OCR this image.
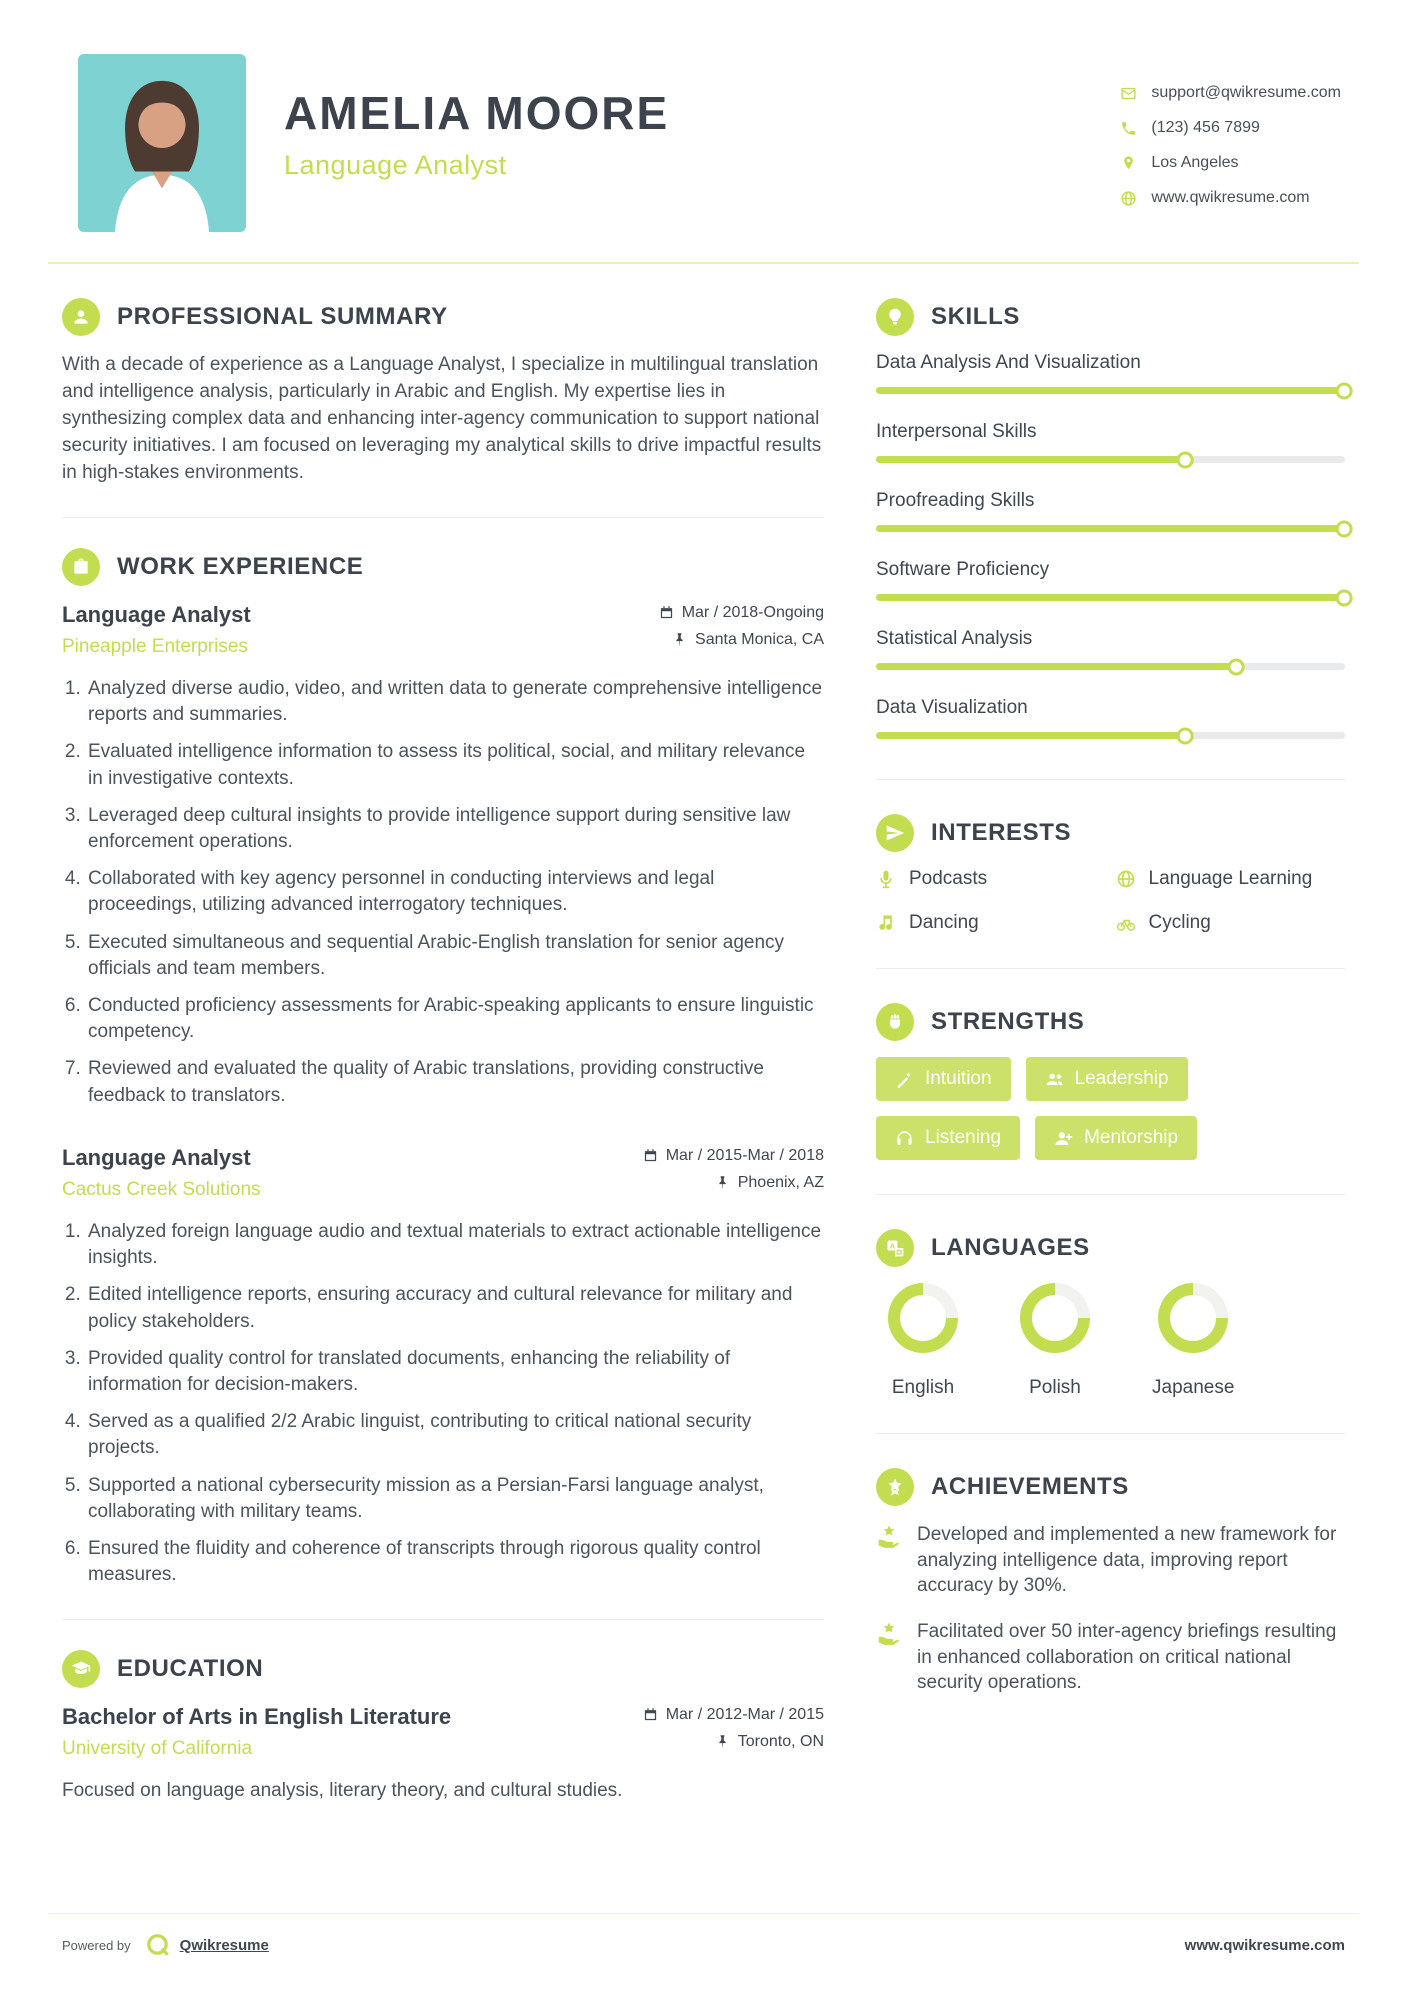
AMELIA MOORE
Language Analyst
support@qwikresume.com
(123) 456 7899
Los Angeles
www.qwikresume.com
PROFESSIONAL SUMMARY

With a decade of experience as a Language Analyst, I specialize in multilingual translation and intelligence analysis, particularly in Arabic and English. My expertise lies in synthesizing complex data and enhancing inter-agency communication to support national security initiatives. I am focused on leveraging my analytical skills to drive impactful results in high-stakes environments.

WORK EXPERIENCE
Language Analyst
Pineapple Enterprises
Mar / 2018-Ongoing
Santa Monica, CA
1. Analyzed diverse audio, video, and written data to generate comprehensive intelligence reports and summaries.
2. Evaluated intelligence information to assess its political, social, and military relevance in investigative contexts.
3. Leveraged deep cultural insights to provide intelligence support during sensitive law enforcement operations.
4. Collaborated with key agency personnel in conducting interviews and legal proceedings, utilizing advanced interrogatory techniques.
5. Executed simultaneous and sequential Arabic-English translation for senior agency officials and team members.
6. Conducted proficiency assessments for Arabic-speaking applicants to ensure linguistic competency.
7. Reviewed and evaluated the quality of Arabic translations, providing constructive feedback to translators.
Language Analyst
Cactus Creek Solutions
Mar / 2015-Mar / 2018
Phoenix, AZ
1. Analyzed foreign language audio and textual materials to extract actionable intelligence insights.
2. Edited intelligence reports, ensuring accuracy and cultural relevance for military and policy stakeholders.
3. Provided quality control for translated documents, enhancing the reliability of information for decision-makers.
4. Served as a qualified 2/2 Arabic linguist, contributing to critical national security projects.
5. Supported a national cybersecurity mission as a Persian-Farsi language analyst, collaborating with military teams.
6. Ensured the fluidity and coherence of transcripts through rigorous quality control measures.
EDUCATION
Bachelor of Arts in English Literature
University of California
Mar / 2012-Mar / 2015
Toronto, ON

Focused on language analysis, literary theory, and cultural studies.

SKILLS
Data Analysis And Visualization
Interpersonal Skills
Proofreading Skills
Software Proficiency
Statistical Analysis
Data Visualization
INTERESTS
Podcasts	Language Learning
Dancing	Cycling
STRENGTHS
Intuition	Leadership
Listening	Mentorship
A LANGUAGES
English	Polish	Japanese
ACHIEVEMENTS
Developed and implemented a new framework for analyzing intelligence data, improving report accuracy by 30%.
Facilitated over 50 inter-agency briefings resulting in enhanced collaboration on critical national security operations.
Powered by	Qwikresume	www.qwikresume.com
